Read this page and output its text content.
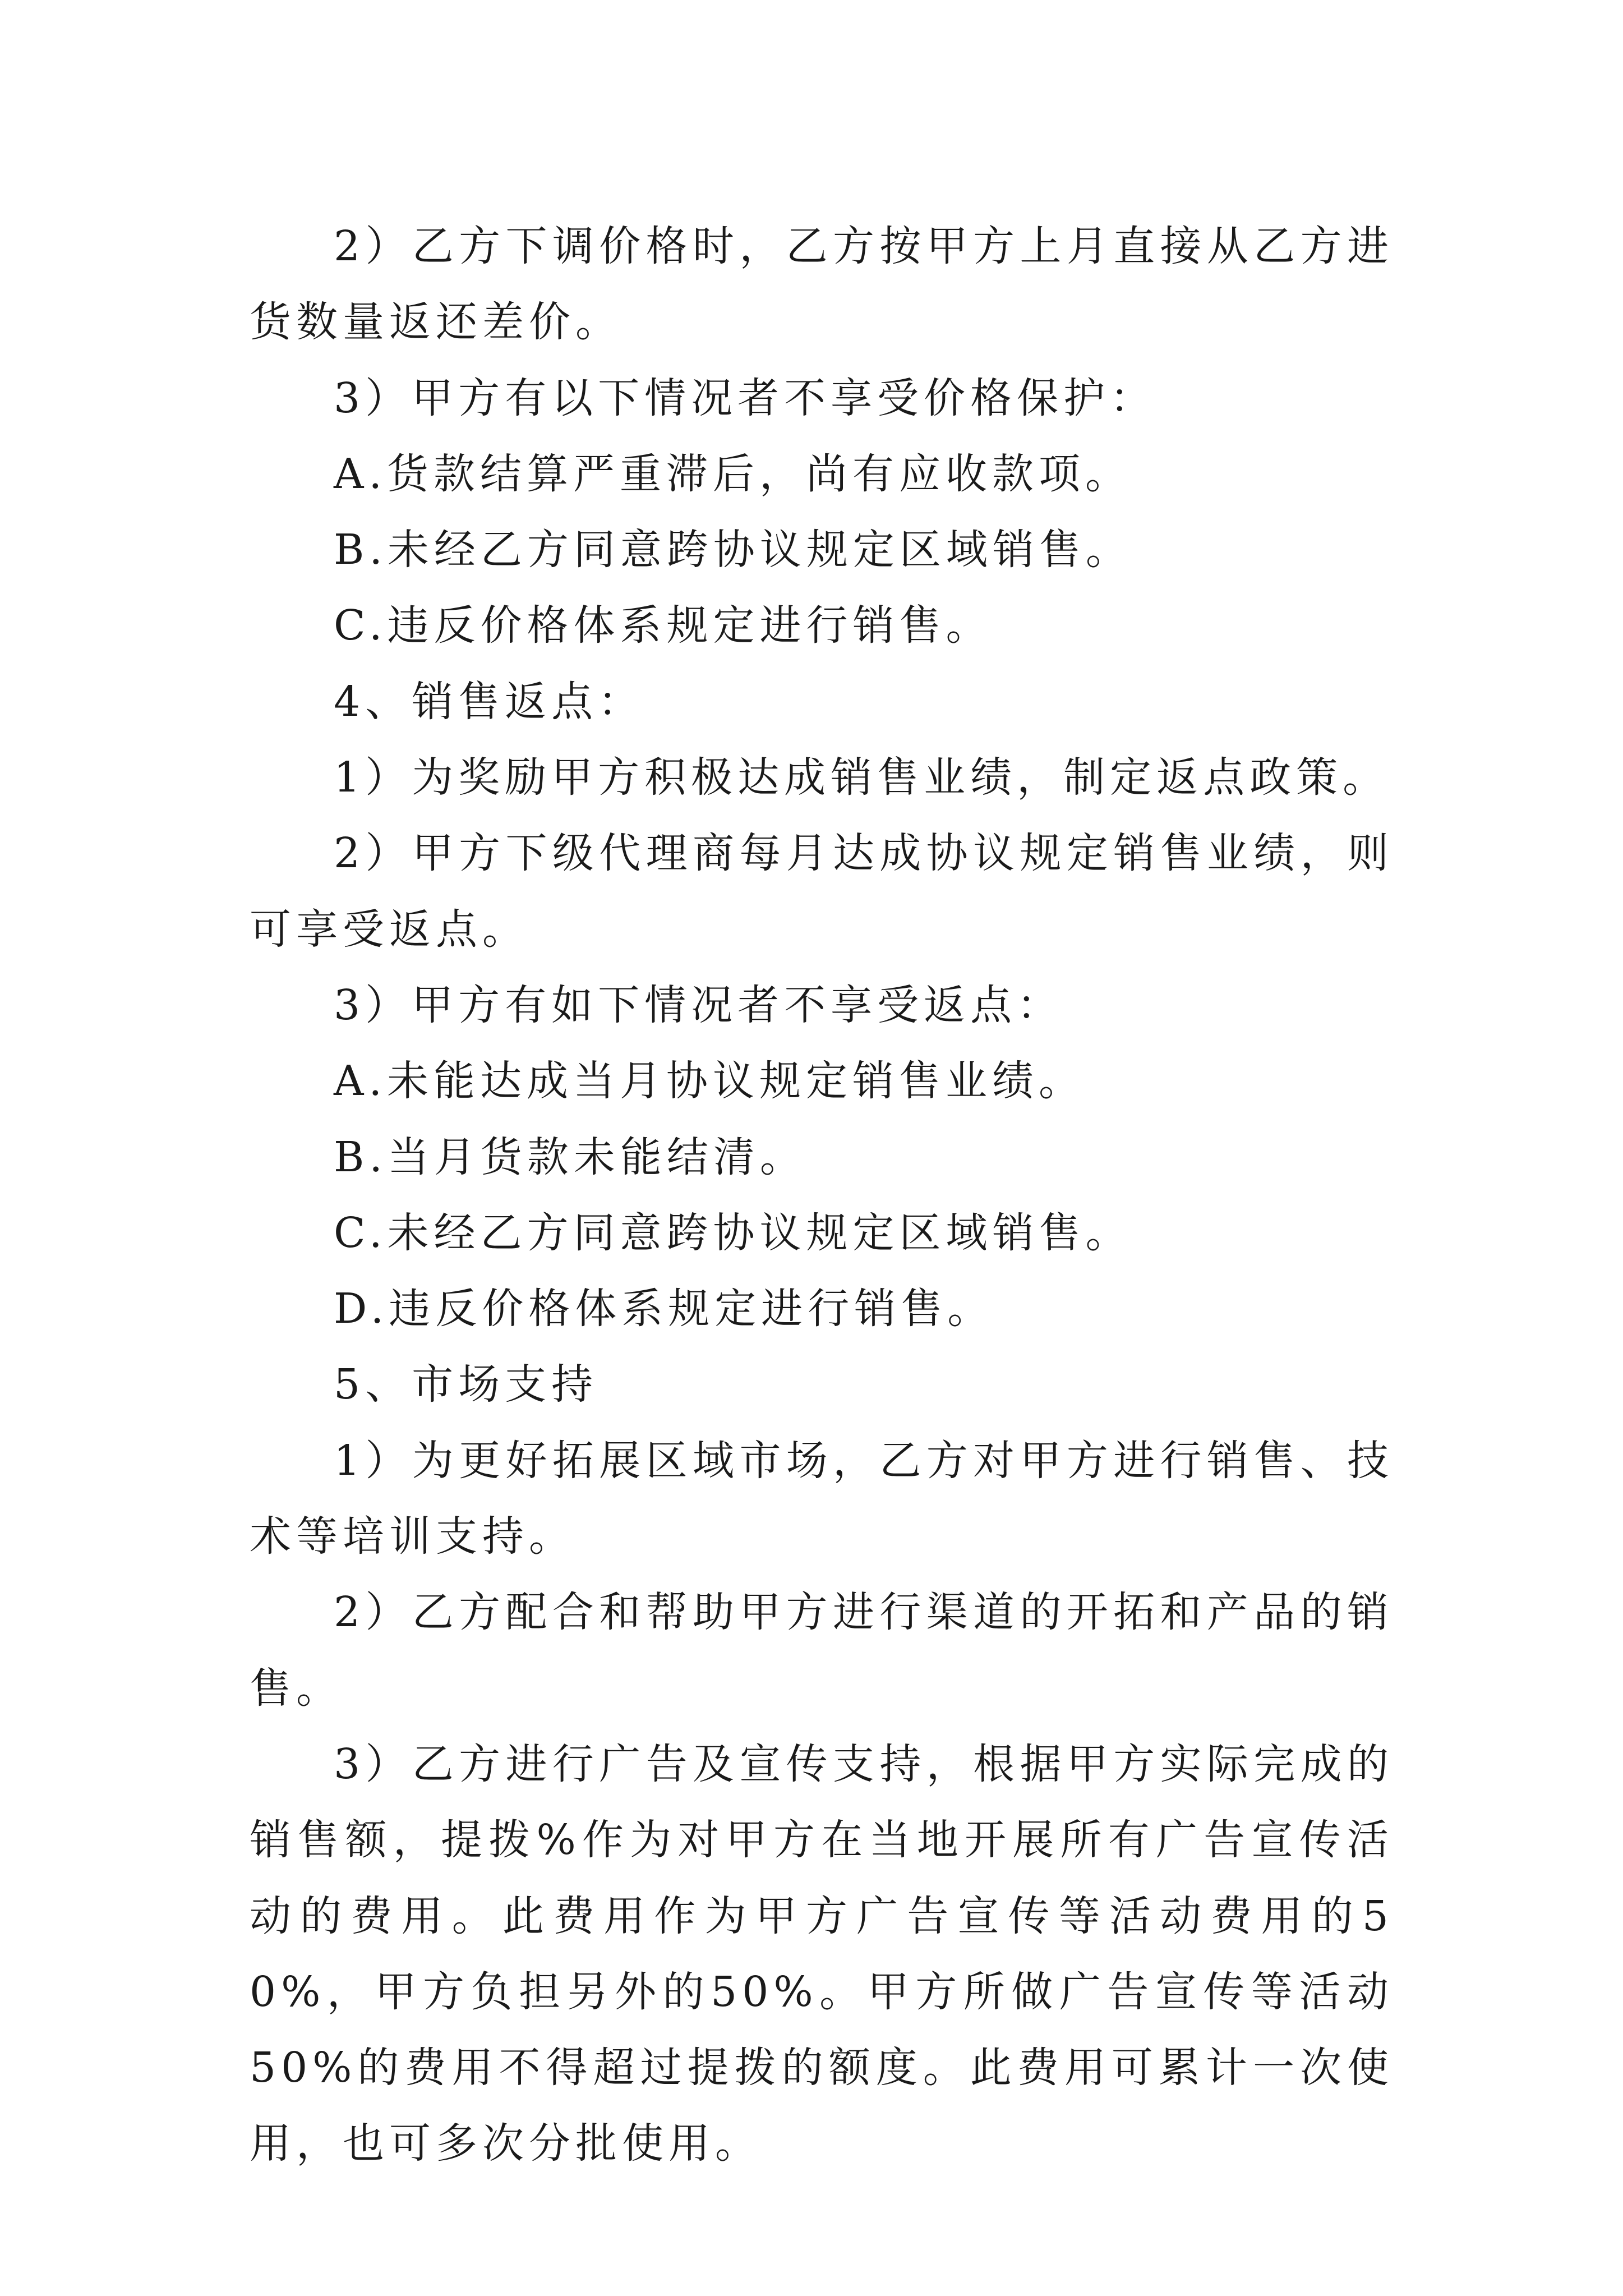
2）乙方下调价格时，乙方按甲方上月直接从乙方进货数量返还差价。

3）甲方有以下情况者不享受价格保护：

A.货款结算严重滞后，尚有应收款项。

B.未经乙方同意跨协议规定区域销售。

C.违反价格体系规定进行销售。

4、销售返点：

1）为奖励甲方积极达成销售业绩，制定返点政策。

2）甲方下级代理商每月达成协议规定销售业绩，则可享受返点。

3）甲方有如下情况者不享受返点：

A.未能达成当月协议规定销售业绩。

B.当月货款未能结清。

C.未经乙方同意跨协议规定区域销售。

D.违反价格体系规定进行销售。

5、市场支持

1）为更好拓展区域市场，乙方对甲方进行销售、技术等培训支持。

2）乙方配合和帮助甲方进行渠道的开拓和产品的销售。

3）乙方进行广告及宣传支持，根据甲方实际完成的销售额，提拨%作为对甲方在当地开展所有广告宣传活动的费用。此费用作为甲方广告宣传等活动费用的50%，甲方负担另外的50%。甲方所做广告宣传等活动50%的费用不得超过提拨的额度。此费用可累计一次使用，也可多次分批使用。
